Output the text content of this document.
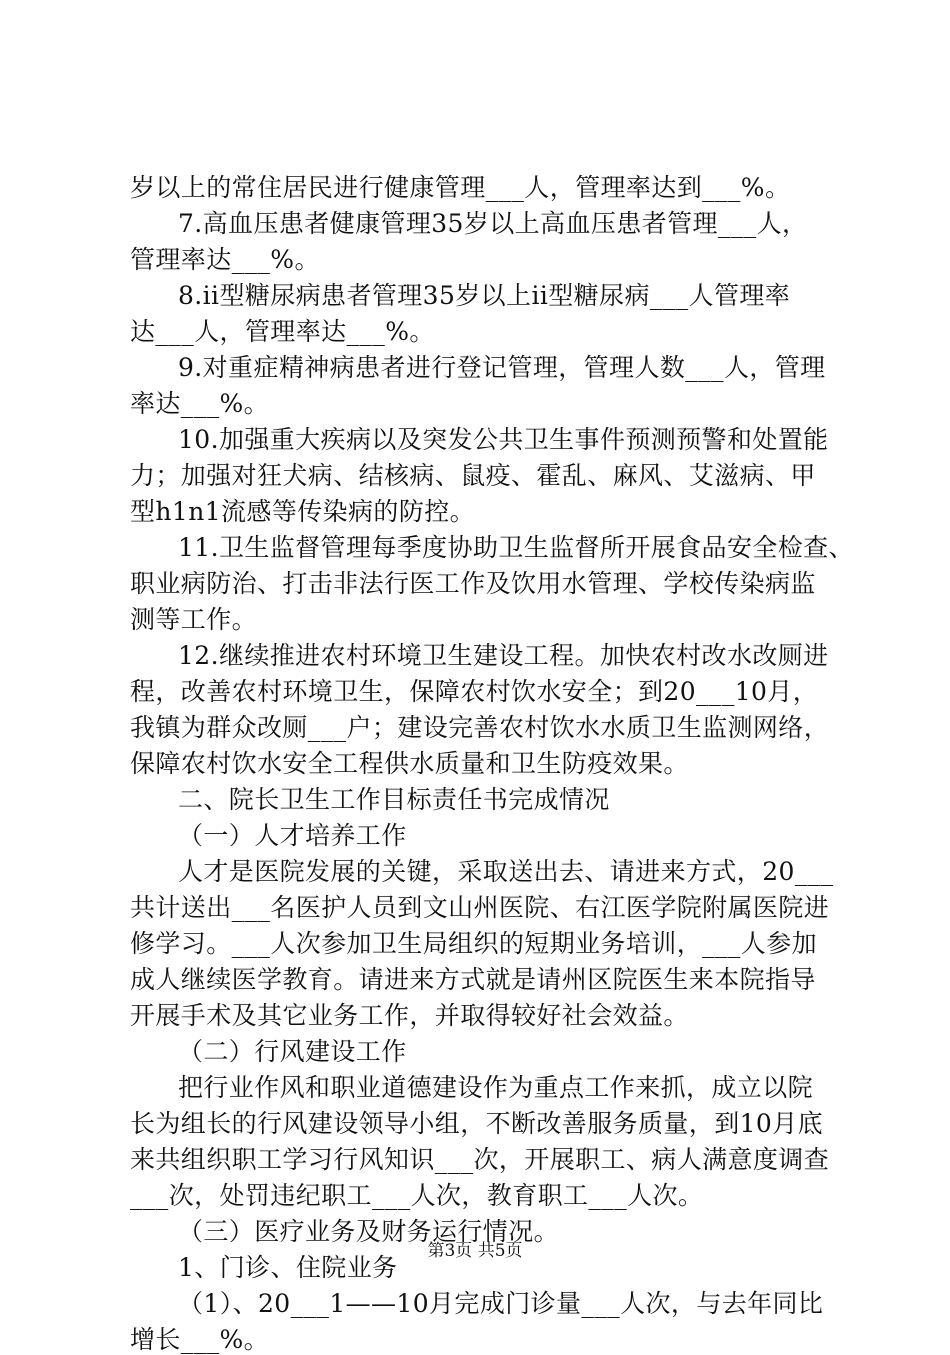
岁以上的常住居民进行健康管理___人，管理率达到___%。
7.高血压患者健康管理35岁以上高血压患者管理___人，
管理率达___%。
8.ii型糖尿病患者管理35岁以上ii型糖尿病___人管理率
达___人，管理率达___%。
9.对重症精神病患者进行登记管理，管理人数___人，管理
率达___%。
10.加强重大疾病以及突发公共卫生事件预测预警和处置能
力；加强对狂犬病、结核病、鼠疫、霍乱、麻风、艾滋病、甲
型h1n1流感等传染病的防控。
11.卫生监督管理每季度协助卫生监督所开展食品安全检查、
职业病防治、打击非法行医工作及饮用水管理、学校传染病监
测等工作。
12.继续推进农村环境卫生建设工程。加快农村改水改厕进
程，改善农村环境卫生，保障农村饮水安全；到20___10月，
我镇为群众改厕___户；建设完善农村饮水水质卫生监测网络，
保障农村饮水安全工程供水质量和卫生防疫效果。
二、院长卫生工作目标责任书完成情况
（一）人才培养工作
人才是医院发展的关键，采取送出去、请进来方式，20___
共计送出___名医护人员到文山州医院、右江医学院附属医院进
修学习。___人次参加卫生局组织的短期业务培训，___人参加
成人继续医学教育。请进来方式就是请州区院医生来本院指导
开展手术及其它业务工作，并取得较好社会效益。
（二）行风建设工作
把行业作风和职业道德建设作为重点工作来抓，成立以院
长为组长的行风建设领导小组，不断改善服务质量，到10月底
来共组织职工学习行风知识___次，开展职工、病人满意度调查
___次，处罚违纪职工___人次，教育职工___人次。
（三）医疗业务及财务运行情况。
1、门诊、住院业务
（1）、20___1——10月完成门诊量___人次，与去年同比
增长___%。
第3页 共5页
